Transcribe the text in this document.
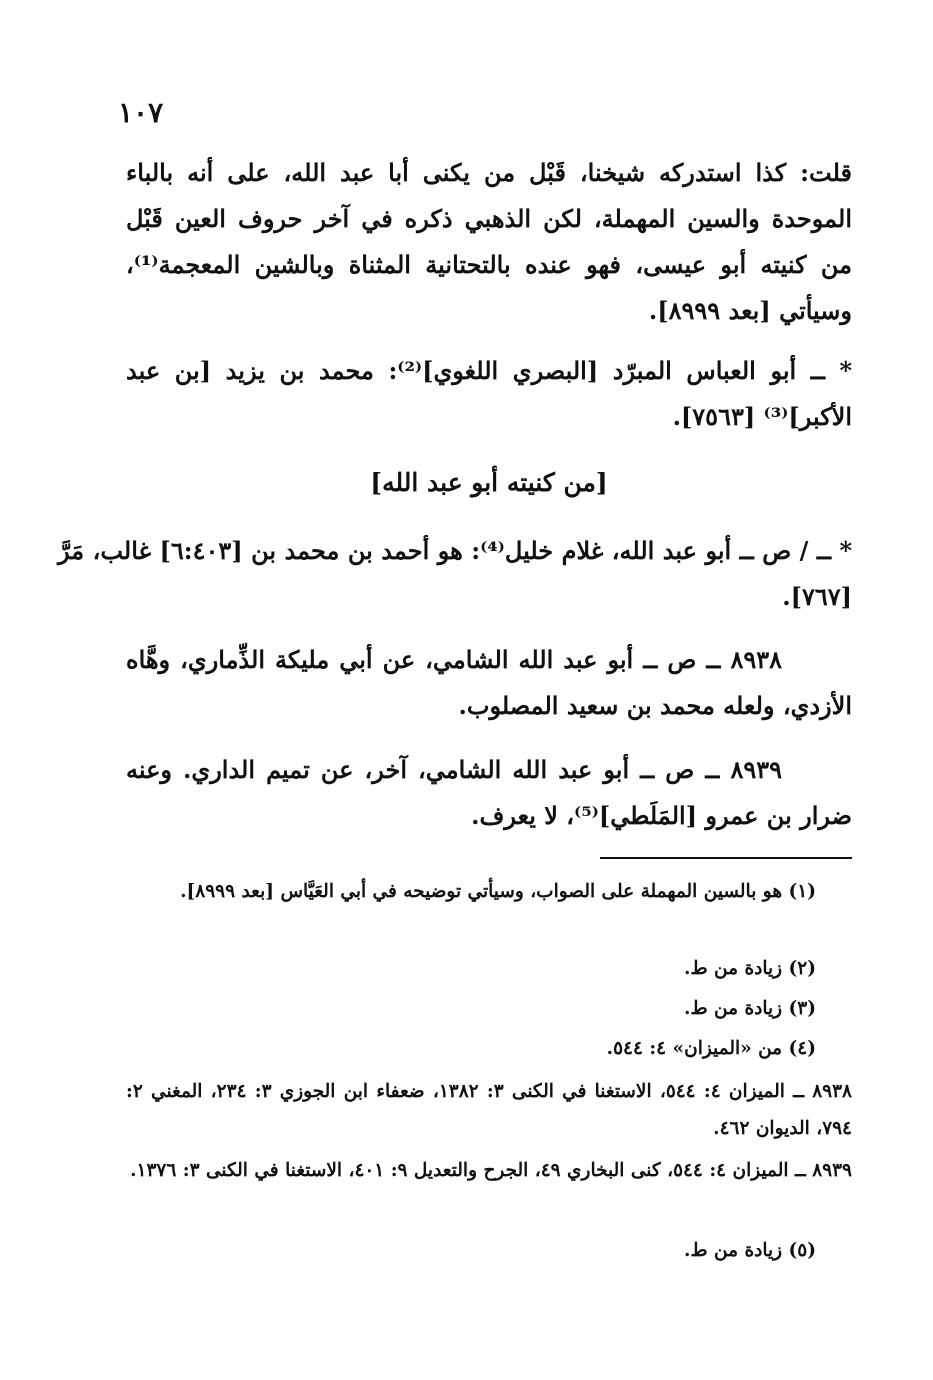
١٠٧
قلت: كذا استدركه شيخنا، قَبْل من يكنى أبا عبد الله، على أنه بالباء الموحدة والسين المهملة، لكن الذهبي ذكره في آخر حروف العين قَبْل من كنيته أبو عيسى، فهو عنده بالتحتانية المثناة وبالشين المعجمة⁽¹⁾، وسيأتي [بعد ٨٩٩٩].
* ــ أبو العباس المبرّد [البصري اللغوي]⁽²⁾: محمد بن يزيد [بن عبد الأكبر]⁽³⁾ [٧٥٦٣].
[من كنيته أبو عبد الله]
* ــ / ص ــ أبو عبد الله، غلام خليل⁽⁴⁾: هو أحمد بن محمد بن [٦:٤٠٣] غالب، مَرَّ [٧٦٧].
٨٩٣٨ ــ ص ــ أبو عبد الله الشامي، عن أبي مليكة الذِّماري، وهَّاه الأزدي، ولعله محمد بن سعيد المصلوب.
٨٩٣٩ ــ ص ــ أبو عبد الله الشامي، آخر، عن تميم الداري. وعنه ضرار بن عمرو [المَلَطي]⁽⁵⁾، لا يعرف.
(١) هو بالسين المهملة على الصواب، وسيأتي توضيحه في أبي العَيَّاس [بعد ٨٩٩٩].
(٢) زيادة من ط.
(٣) زيادة من ط.
(٤) من «الميزان» ٤: ٥٤٤.
٨٩٣٨ ــ الميزان ٤: ٥٤٤، الاستغنا في الكنى ٣: ١٣٨٢، ضعفاء ابن الجوزي ٣: ٢٣٤، المغني ٢: ٧٩٤، الديوان ٤٦٢.
٨٩٣٩ ــ الميزان ٤: ٥٤٤، كنى البخاري ٤٩، الجرح والتعديل ٩: ٤٠١، الاستغنا في الكنى ٣: ١٣٧٦.
(٥) زيادة من ط.
